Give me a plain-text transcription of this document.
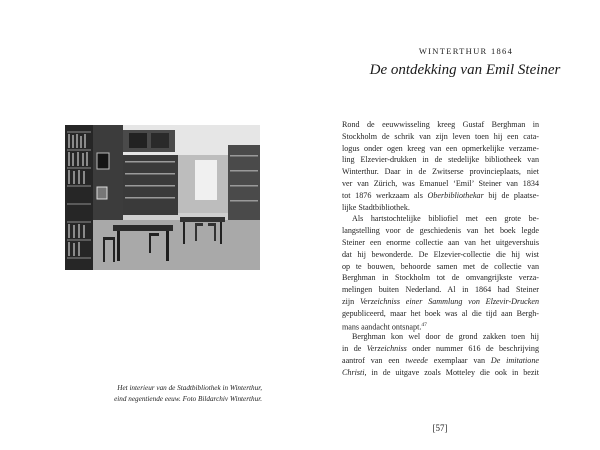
Het interieur van de Stadtbibliothek in Winterthur,
eind negentiende eeuw. Foto Bildarchiv Winterthur.
WINTERTHUR 1864
De ontdekking van Emil Steiner
Rond de eeuwwisseling kreeg Gustaf Berghman in
Stockholm de schrik van zijn leven toen hij een cata-
logus onder ogen kreeg van een opmerkelijke verzame-
ling Elzevier-drukken in de stedelijke bibliotheek van
Winterthur. Daar in de Zwitserse provincieplaats, niet
ver van Zürich, was Emanuel ‘Emil’ Steiner van 1834
tot 1876 werkzaam als Oberbibliothekar bij de plaatse-
lijke Stadtbibliothek.
Als hartstochtelijke bibliofiel met een grote be-
langstelling voor de geschiedenis van het boek legde
Steiner een enorme collectie aan van het uitgevershuis
dat hij bewonderde. De Elzevier-collectie die hij wist
op te bouwen, behoorde samen met de collectie van
Berghman in Stockholm tot de omvangrijkste verza-
melingen buiten Nederland. Al in 1864 had Steiner
zijn Verzeichniss einer Sammlung von Elzevir-Drucken
gepubliceerd, maar het boek was al die tijd aan Bergh-
mans aandacht ontsnapt.$^{47}$
Berghman kon wel door de grond zakken toen hij
in de Verzeichniss onder nummer 616 de beschrijving
aantrof van een tweede exemplaar van De imitatione
Christi, in de uitgave zoals Motteley die ook in bezit
[57]
